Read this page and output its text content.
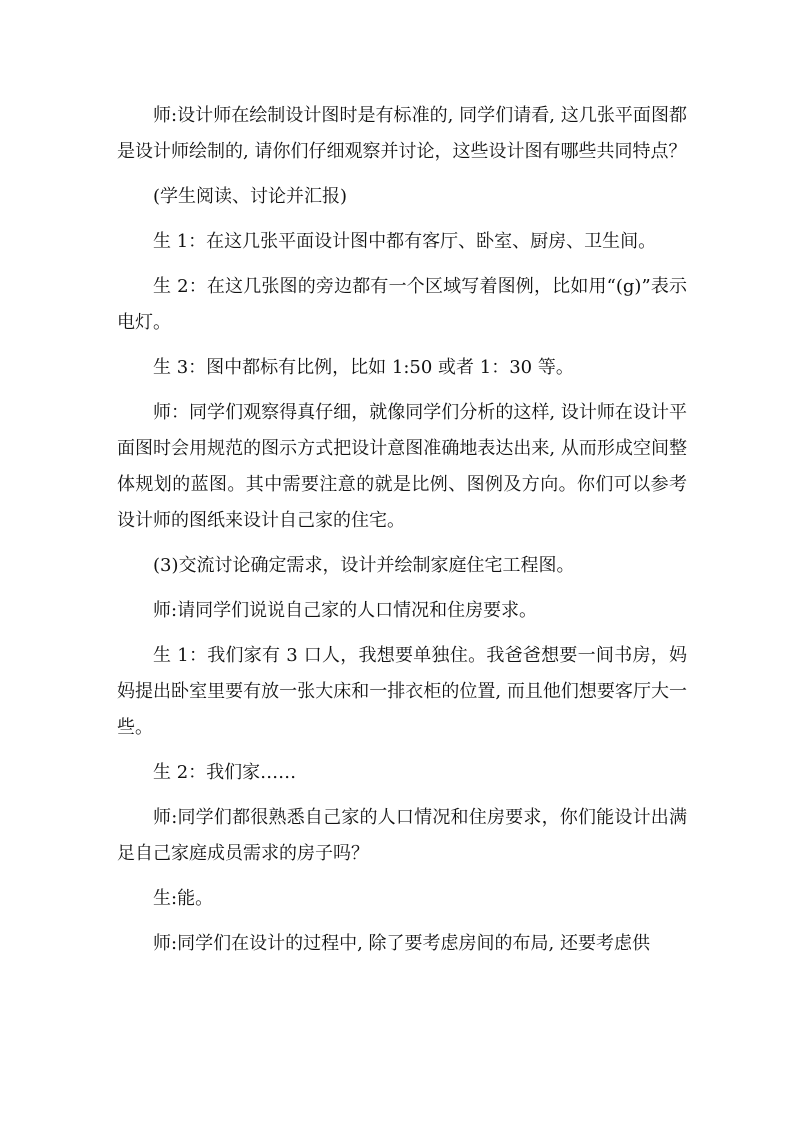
师:设计师在绘制设计图时是有标准的, 同学们请看, 这几张平面图都是设计师绘制的, 请你们仔细观察并讨论，这些设计图有哪些共同特点？

(学生阅读、讨论并汇报)

生 1：在这几张平面设计图中都有客厅、卧室、厨房、卫生间。

生 2：在这几张图的旁边都有一个区域写着图例，比如用“(g)”表示电灯。

生 3：图中都标有比例，比如 1:50 或者 1：30 等。

师：同学们观察得真仔细，就像同学们分析的这样, 设计师在设计平面图时会用规范的图示方式把设计意图准确地表达出来, 从而形成空间整体规划的蓝图。其中需要注意的就是比例、图例及方向。你们可以参考设计师的图纸来设计自己家的住宅。

(3)交流讨论确定需求，设计并绘制家庭住宅工程图。

师:请同学们说说自己家的人口情况和住房要求。

生 1：我们家有 3 口人，我想要单独住。我爸爸想要一间书房，妈妈提出卧室里要有放一张大床和一排衣柜的位置, 而且他们想要客厅大一些。

生 2：我们家……

师:同学们都很熟悉自己家的人口情况和住房要求，你们能设计出满足自己家庭成员需求的房子吗？

生:能。

师:同学们在设计的过程中, 除了要考虑房间的布局, 还要考虑供
